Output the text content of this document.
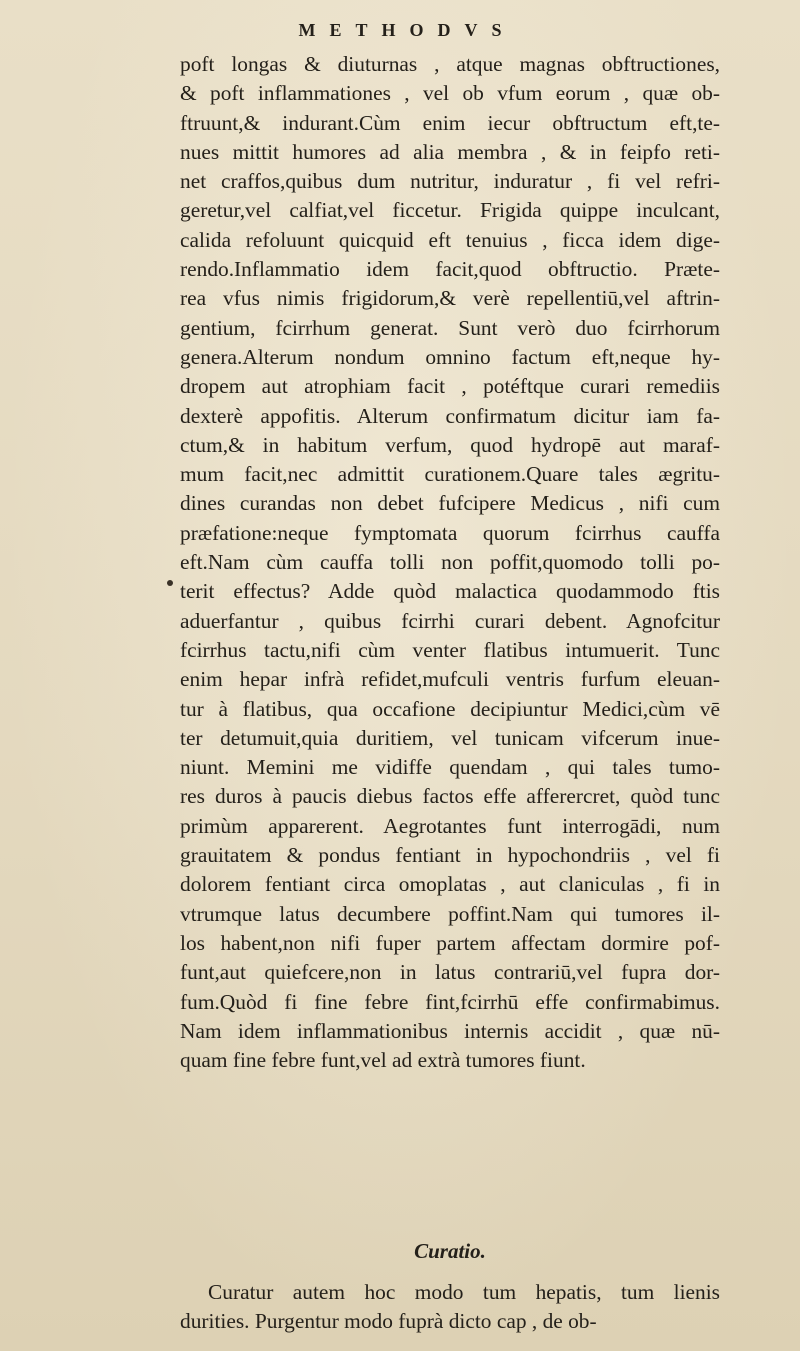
METHODVS
poft longas & diuturnas , atque magnas obftructiones,
& poft inflammationes , vel ob vfum eorum , quæ ob-
ftruunt,& indurant.Cùm enim iecur obftructum eft,te-
nues mittit humores ad alia membra , & in feipfo reti-
net craffos,quibus dum nutritur, induratur , fi vel refri-
geretur,vel calfiat,vel ficcetur. Frigida quippe inculcant,
calida refoluunt quicquid eft tenuius , ficca idem dige-
rendo.Inflammatio idem facit,quod obftructio. Præte-
rea vfus nimis frigidorum,& verè repellentiū,vel aftrin-
gentium, fcirrhum generat. Sunt verò duo fcirrhorum
genera.Alterum nondum omnino factum eft,neque hy-
dropem aut atrophiam facit , potéftque curari remediis
dexterè appofitis. Alterum confirmatum dicitur iam fa-
ctum,& in habitum verfum, quod hydropē aut maraf-
mum facit,nec admittit curationem.Quare tales ægritu-
dines curandas non debet fufcipere Medicus , nifi cum
præfatione:neque fymptomata quorum fcirrhus cauffa
eft.Nam cùm cauffa tolli non poffit,quomodo tolli po-
terit effectus? Adde quòd malactica quodammodo ftis
aduerfantur , quibus fcirrhi curari debent. Agnofcitur
fcirrhus tactu,nifi cùm venter flatibus intumuerit. Tunc
enim hepar infrà refidet,mufculi ventris furfum eleuan-
tur à flatibus, qua occafione decipiuntur Medici,cùm vē
ter detumuit,quia duritiem, vel tunicam vifcerum inue-
niunt. Memini me vidiffe quendam , qui tales tumo-
res duros à paucis diebus factos effe afferercret, quòd tunc
primùm apparerent. Aegrotantes funt interrogādi, num
grauitatem & pondus fentiant in hypochondriis , vel fi
dolorem fentiant circa omoplatas , aut claniculas , fi in
vtrumque latus decumbere poffint.Nam qui tumores il-
los habent,non nifi fuper partem affectam dormire pof-
funt,aut quiefcere,non in latus contrariū,vel fupra dor-
fum.Quòd fi fine febre fint,fcirrhū effe confirmabimus.
Nam idem inflammationibus internis accidit , quæ nū-
quam fine febre funt,vel ad extrà tumores fiunt.
Curatio.
Curatur autem hoc modo tum hepatis, tum lienis
durities. Purgentur modo fuprà dicto cap , de ob-
